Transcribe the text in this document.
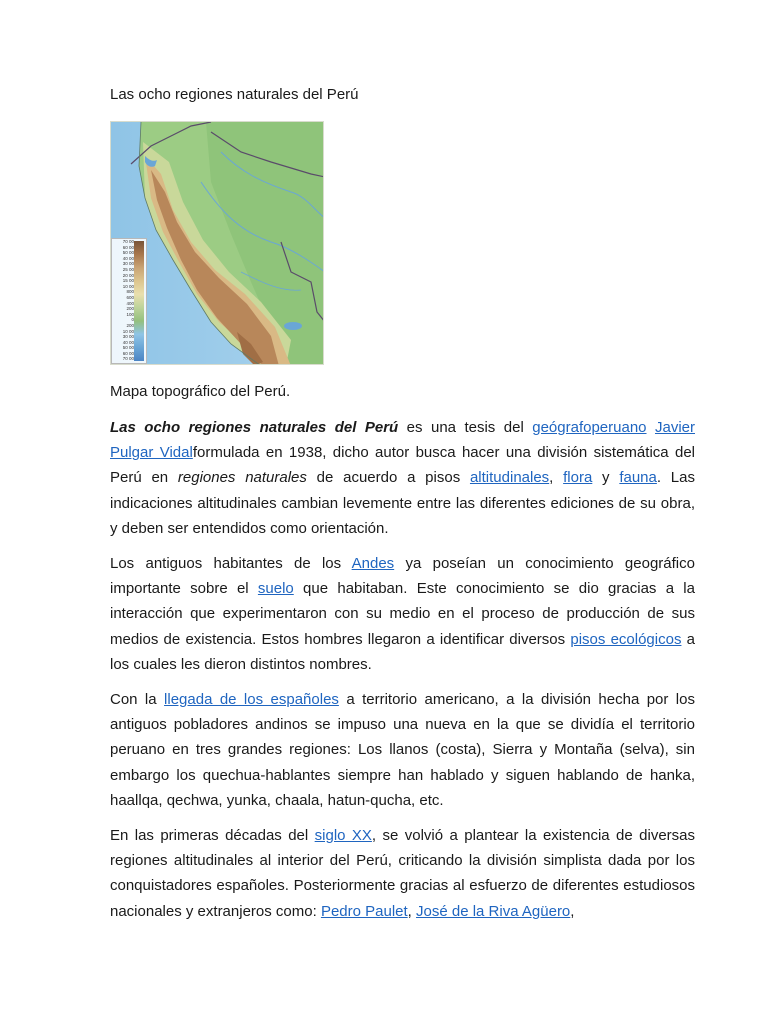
Las ocho regiones naturales del Perú
70 00
60 00
50 00
40 00
30 00
25 00
20 00
15 00
10 00
800
600
400
200
100
0
200
10 00
30 00
40 00
50 00
60 00
70 00
Mapa topográfico del Perú.

Las ocho regiones naturales del Perú es una tesis del geógrafoperuano Javier Pulgar Vidalformulada en 1938, dicho autor busca hacer una división sistemática del Perú en regiones naturales de acuerdo a pisos altitudinales, flora y fauna. Las indicaciones altitudinales cambian levemente entre las diferentes ediciones de su obra, y deben ser entendidos como orientación.

Los antiguos habitantes de los Andes ya poseían un conocimiento geográfico importante sobre el suelo que habitaban. Este conocimiento se dio gracias a la interacción que experimentaron con su medio en el proceso de producción de sus medios de existencia. Estos hombres llegaron a identificar diversos pisos ecológicos a los cuales les dieron distintos nombres.

Con la llegada de los españoles a territorio americano, a la división hecha por los antiguos pobladores andinos se impuso una nueva en la que se dividía el territorio peruano en tres grandes regiones: Los llanos (costa), Sierra y Montaña (selva), sin embargo los quechua-hablantes siempre han hablado y siguen hablando de hanka, haallqa, qechwa, yunka, chaala, hatun-qucha, etc.

En las primeras décadas del siglo XX, se volvió a plantear la existencia de diversas regiones altitudinales al interior del Perú, criticando la división simplista dada por los conquistadores españoles. Posteriormente gracias al esfuerzo de diferentes estudiosos nacionales y extranjeros como: Pedro Paulet, José de la Riva Agüero,
